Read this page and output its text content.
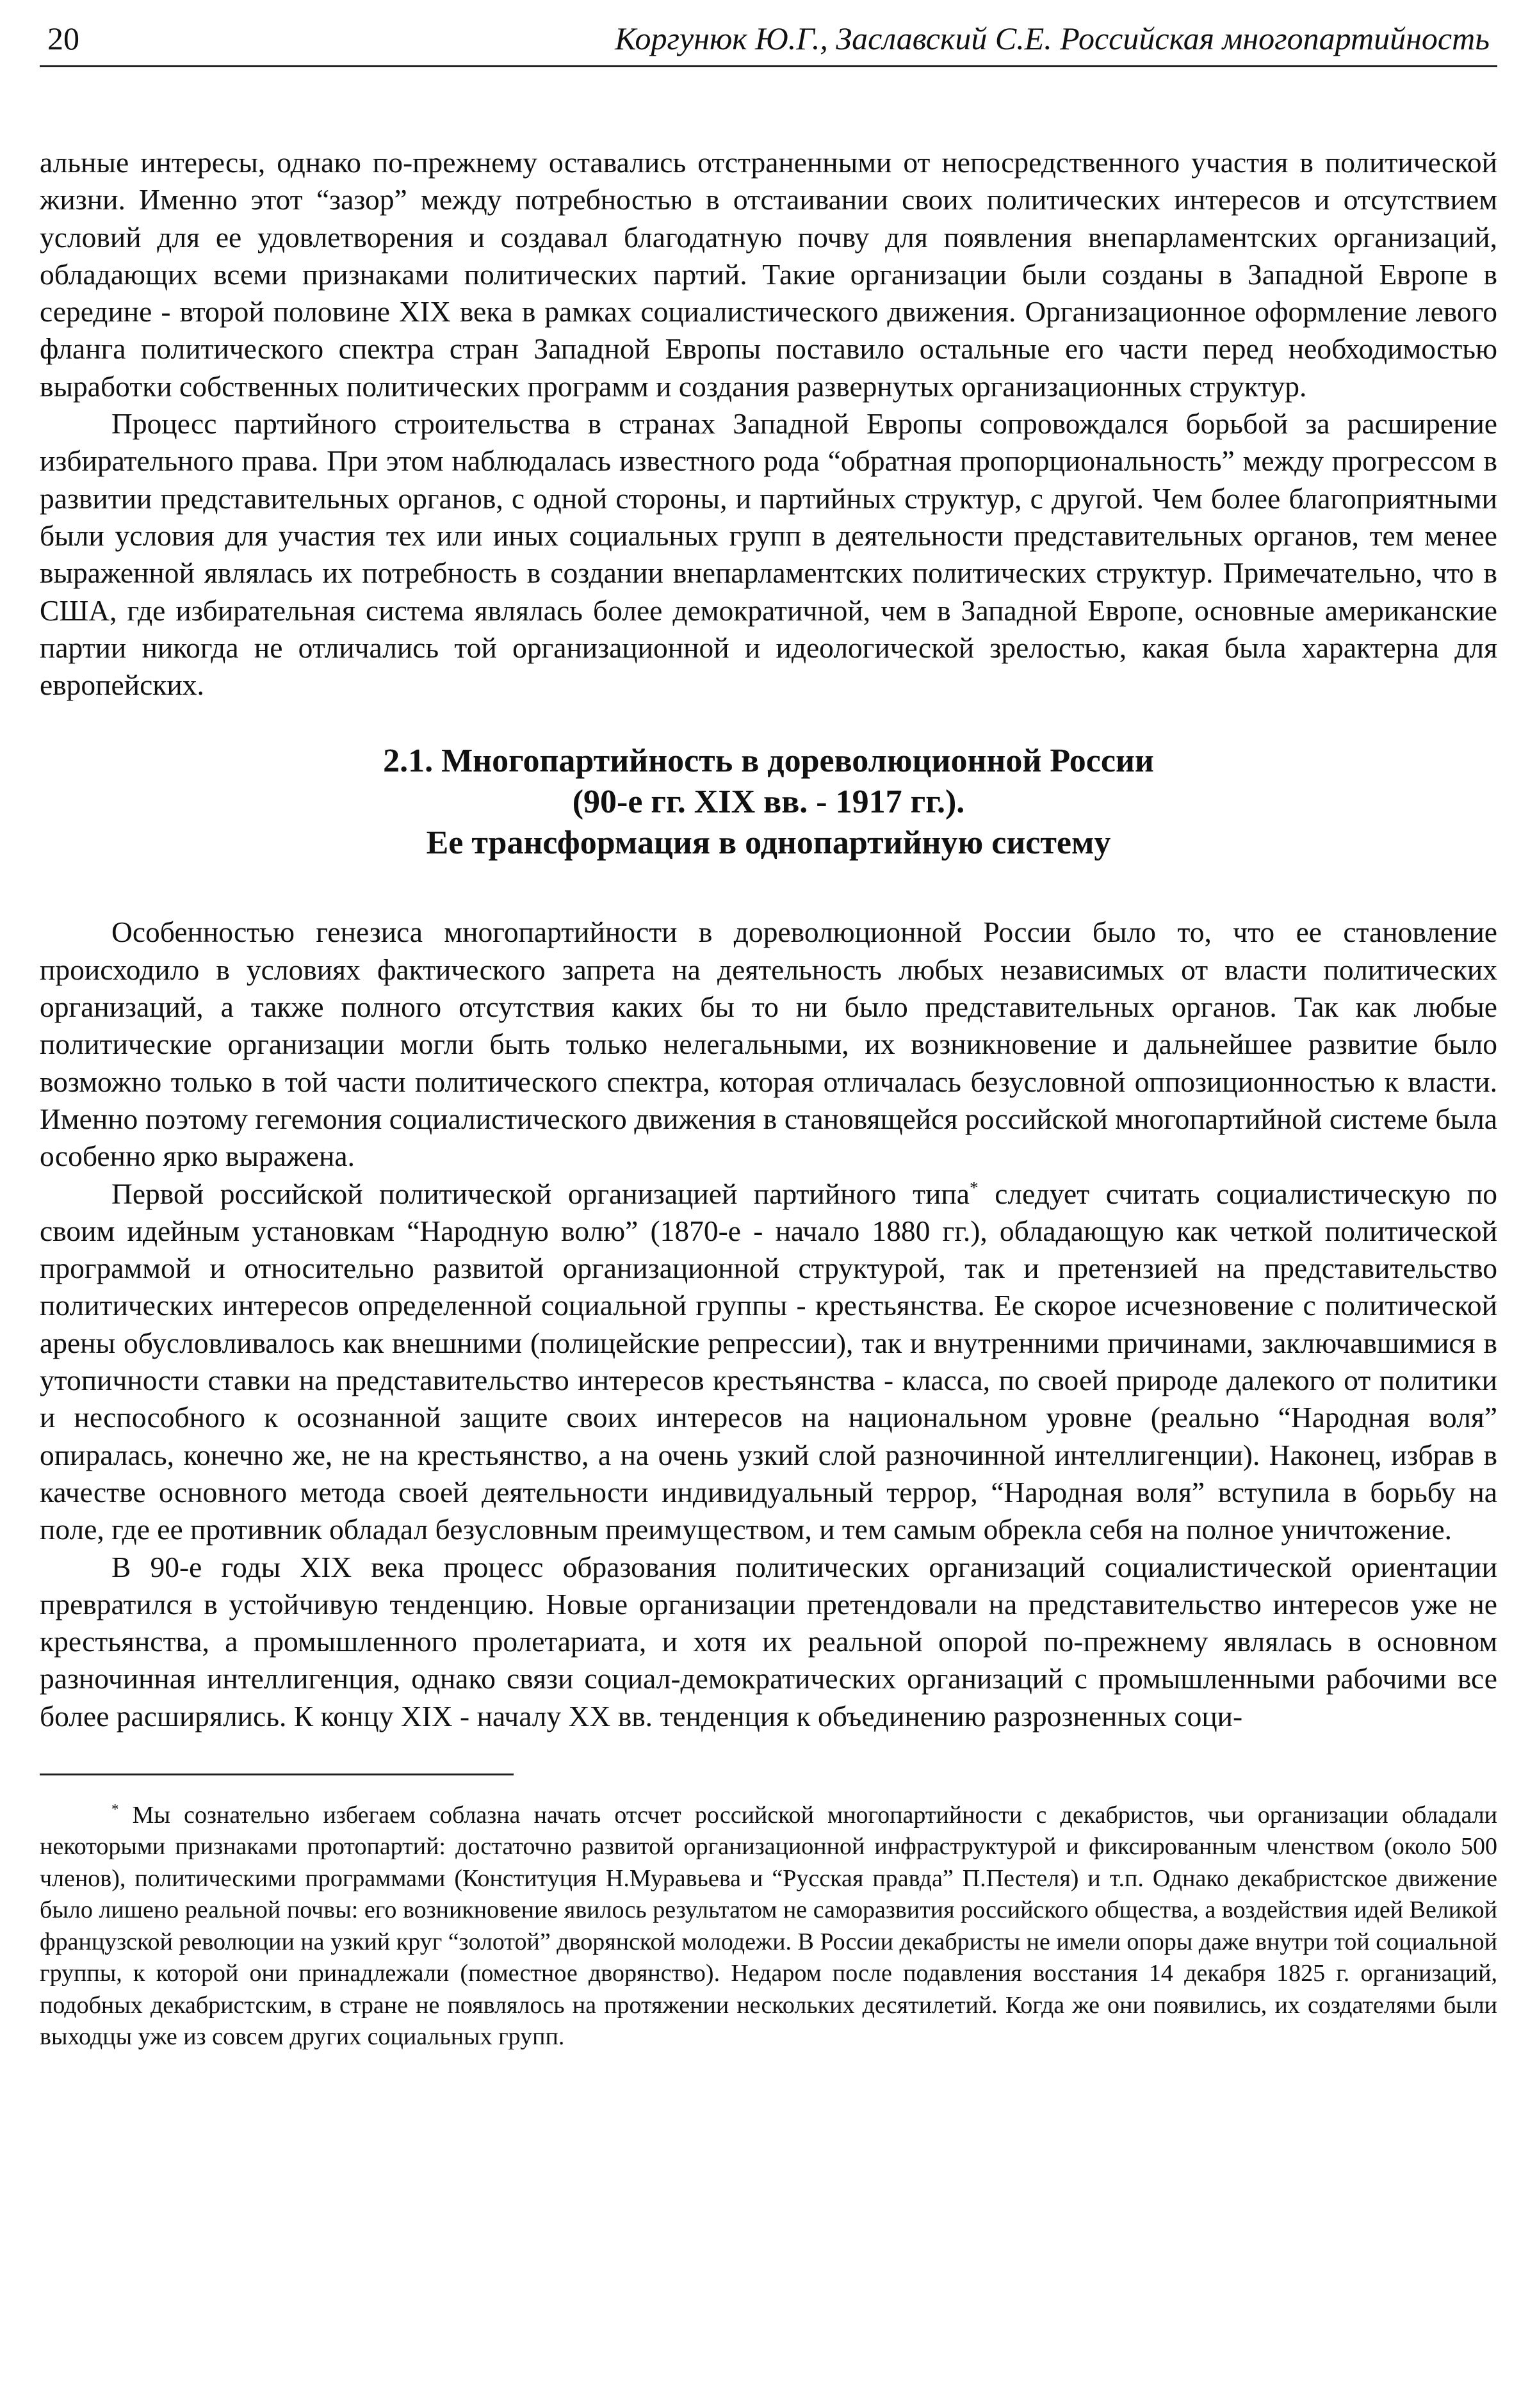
20	Коргунюк Ю.Г., Заславский С.Е. Российская многопартийность

альные интересы, однако по-прежнему оставались отстраненными от непосредственного участия в политической жизни. Именно этот “зазор” между потребностью в отстаивании своих политических интересов и отсутствием условий для ее удовлетворения и создавал благодатную почву для появления внепарламентских организаций, обладающих всеми признаками политических партий. Такие организации были созданы в Западной Европе в середине - второй половине XIX века в рамках социалистического движения. Организационное оформление левого фланга политического спектра стран Западной Европы поставило остальные его части перед необходимостью выработки собственных политических программ и создания развернутых организационных структур.

Процесс партийного строительства в странах Западной Европы сопровождался борьбой за расширение избирательного права. При этом наблюдалась известного рода “обратная пропорциональность” между прогрессом в развитии представительных органов, с одной стороны, и партийных структур, с другой. Чем более благоприятными были условия для участия тех или иных социальных групп в деятельности представительных органов, тем менее выраженной являлась их потребность в создании внепарламентских политических структур. Примечательно, что в США, где избирательная система являлась более демократичной, чем в Западной Европе, основные американские партии никогда не отличались той организационной и идеологической зрелостью, какая была характерна для европейских.

2.1. Многопартийность в дореволюционной России
(90-е гг. XIX вв. - 1917 гг.).
Ее трансформация в однопартийную систему

Особенностью генезиса многопартийности в дореволюционной России было то, что ее становление происходило в условиях фактического запрета на деятельность любых независимых от власти политических организаций, а также полного отсутствия каких бы то ни было представительных органов. Так как любые политические организации могли быть только нелегальными, их возникновение и дальнейшее развитие было возможно только в той части политического спектра, которая отличалась безусловной оппозиционностью к власти. Именно поэтому гегемония социалистического движения в становящейся российской многопартийной системе была особенно ярко выражена.

Первой российской политической организацией партийного типа* следует считать социалистическую по своим идейным установкам “Народную волю” (1870-е - начало 1880 гг.), обладающую как четкой политической программой и относительно развитой организационной структурой, так и претензией на представительство политических интересов определенной социальной группы - крестьянства. Ее скорое исчезновение с политической арены обусловливалось как внешними (полицейские репрессии), так и внутренними причинами, заключавшимися в утопичности ставки на представительство интересов крестьянства - класса, по своей природе далекого от политики и неспособного к осознанной защите своих интересов на национальном уровне (реально “Народная воля” опиралась, конечно же, не на крестьянство, а на очень узкий слой разночинной интеллигенции). Наконец, избрав в качестве основного метода своей деятельности индивидуальный террор, “Народная воля” вступила в борьбу на поле, где ее противник обладал безусловным преимуществом, и тем самым обрекла себя на полное уничтожение.

В 90-е годы XIX века процесс образования политических организаций социалистической ориентации превратился в устойчивую тенденцию. Новые организации претендовали на представительство интересов уже не крестьянства, а промышленного пролетариата, и хотя их реальной опорой по-прежнему являлась в основном разночинная интеллигенция, однако связи социал-демократических организаций с промышленными рабочими все более расширялись. К концу XIX - началу XX вв. тенденция к объединению разрозненных соци-

* Мы сознательно избегаем соблазна начать отсчет российской многопартийности с декабристов, чьи организации обладали некоторыми признаками протопартий: достаточно развитой организационной инфраструктурой и фиксированным членством (около 500 членов), политическими программами (Конституция Н.Муравьева и “Русская правда” П.Пестеля) и т.п. Однако декабристское движение было лишено реальной почвы: его возникновение явилось результатом не саморазвития российского общества, а воздействия идей Великой французской революции на узкий круг “золотой” дворянской молодежи. В России декабристы не имели опоры даже внутри той социальной группы, к которой они принадлежали (поместное дворянство). Недаром после подавления восстания 14 декабря 1825 г. организаций, подобных декабристским, в стране не появлялось на протяжении нескольких десятилетий. Когда же они появились, их создателями были выходцы уже из совсем других социальных групп.
